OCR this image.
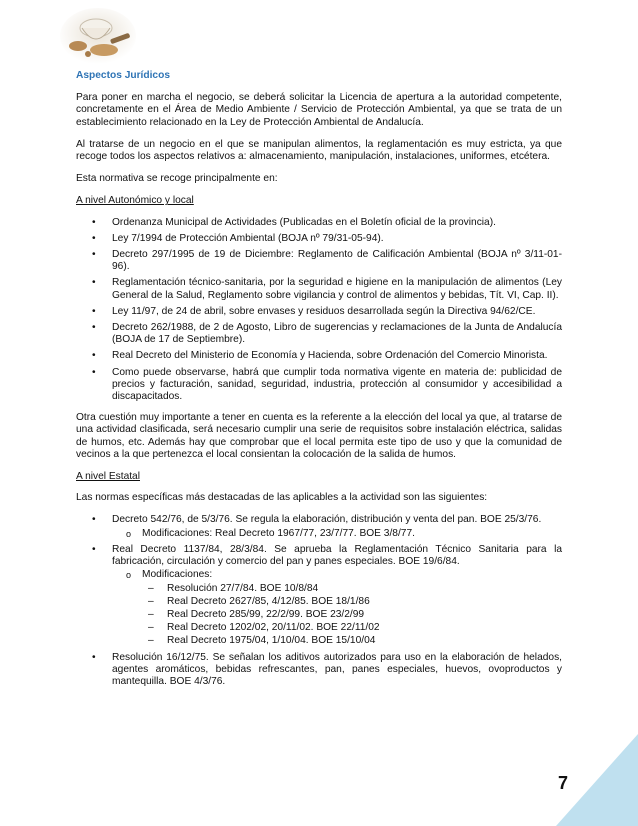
Aspectos Jurídicos

Para poner en marcha el negocio, se deberá solicitar la Licencia de apertura a la autoridad competente, concretamente en el Área de Medio Ambiente / Servicio de Protección Ambiental, ya que se trata de un establecimiento relacionado en la Ley de Protección Ambiental de Andalucía.

Al tratarse de un negocio en el que se manipulan alimentos, la reglamentación es muy estricta, ya que recoge todos los aspectos relativos a: almacenamiento, manipulación, instalaciones, uniformes, etcétera.

Esta normativa se recoge principalmente en:

A nivel Autonómico y local
• Ordenanza Municipal de Actividades (Publicadas en el Boletín oficial de la provincia).
• Ley 7/1994 de Protección Ambiental (BOJA nº 79/31-05-94).
• Decreto 297/1995 de 19 de Diciembre: Reglamento de Calificación Ambiental (BOJA nº 3/11-01-96).
• Reglamentación técnico-sanitaria, por la seguridad e higiene en la manipulación de alimentos (Ley General de la Salud, Reglamento sobre vigilancia y control de alimentos y bebidas, Tít. VI, Cap. II).
• Ley 11/97, de 24 de abril, sobre envases y residuos desarrollada según la Directiva 94/62/CE.
• Decreto 262/1988, de 2 de Agosto, Libro de sugerencias y reclamaciones de la Junta de Andalucía (BOJA de 17 de Septiembre).
• Real Decreto del Ministerio de Economía y Hacienda, sobre Ordenación del Comercio Minorista.
• Como puede observarse, habrá que cumplir toda normativa vigente en materia de: publicidad de precios y facturación, sanidad, seguridad, industria, protección al consumidor y accesibilidad a discapacitados.

Otra cuestión muy importante a tener en cuenta es la referente a la elección del local ya que, al tratarse de una actividad clasificada, será necesario cumplir una serie de requisitos sobre instalación eléctrica, salidas de humos, etc. Además hay que comprobar que el local permita este tipo de uso y que la comunidad de vecinos a la que pertenezca el local consientan la colocación de la salida de humos.

A nivel Estatal

Las normas específicas más destacadas de las aplicables a la actividad son las siguientes:

• Decreto 542/76, de 5/3/76. Se regula la elaboración, distribución y venta del pan. BOE 25/3/76.
o Modificaciones: Real Decreto 1967/77, 23/7/77. BOE 3/8/77.
• Real Decreto 1137/84, 28/3/84. Se aprueba la Reglamentación Técnico Sanitaria para la fabricación, circulación y comercio del pan y panes especiales. BOE 19/6/84.
o Modificaciones:
– Resolución 27/7/84. BOE 10/8/84
– Real Decreto 2627/85, 4/12/85. BOE 18/1/86
– Real Decreto 285/99, 22/2/99. BOE 23/2/99
– Real Decreto 1202/02, 20/11/02. BOE 22/11/02
– Real Decreto 1975/04, 1/10/04. BOE 15/10/04
• Resolución 16/12/75. Se señalan los aditivos autorizados para uso en la elaboración de helados, agentes aromáticos, bebidas refrescantes, pan, panes especiales, huevos, ovoproductos y mantequilla. BOE 4/3/76.
7
